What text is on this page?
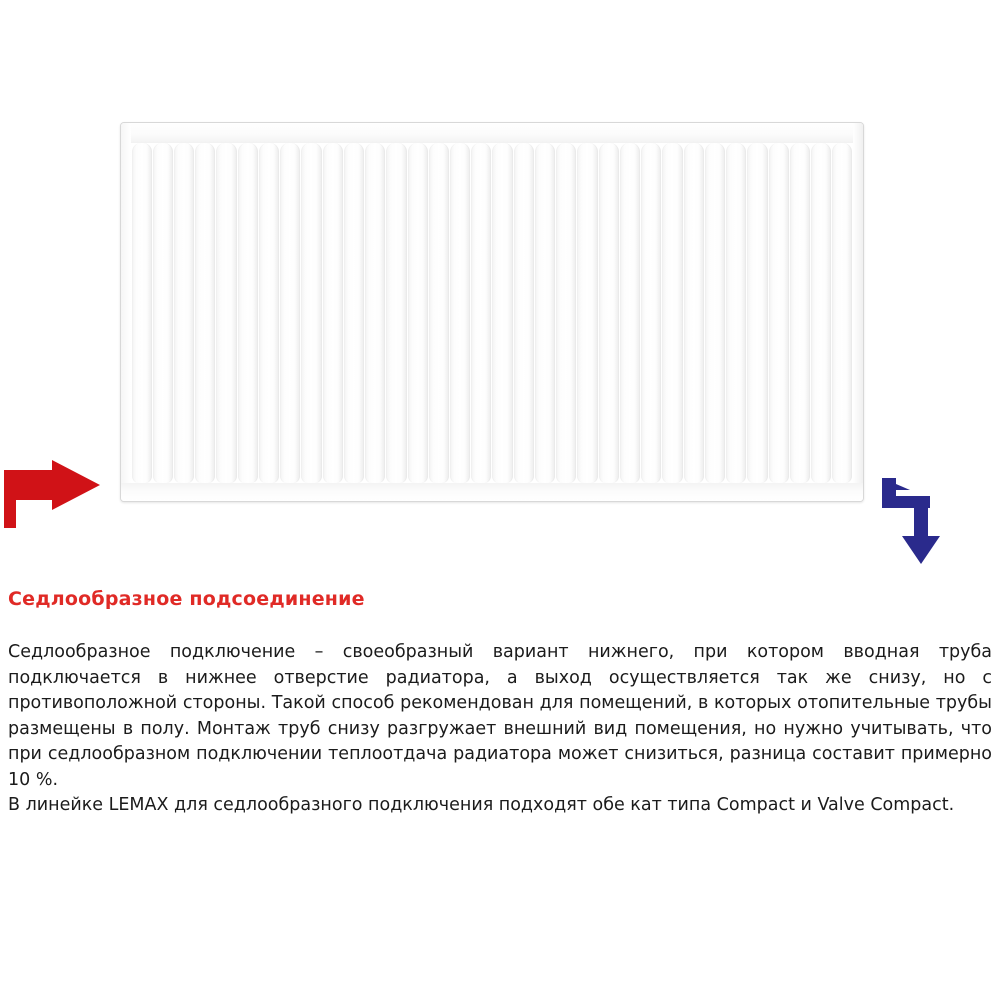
Седлообразное подсоединение

Седлообразное подключение – своеобразный вариант нижнего, при котором вводная труба подключается в нижнее отверстие радиатора, а выход осуществляется так же снизу, но с противоположной стороны. Такой способ рекомендован для помещений, в которых отопительные трубы размещены в полу. Монтаж труб снизу разгружает внешний вид помещения, но нужно учитывать, что при седлообразном подключении теплоотдача радиатора может снизиться, разница составит примерно 10 %.

В линейке LEMAX для седлообразного подключения подходят обе кат типа Compact и Valve Compact.
